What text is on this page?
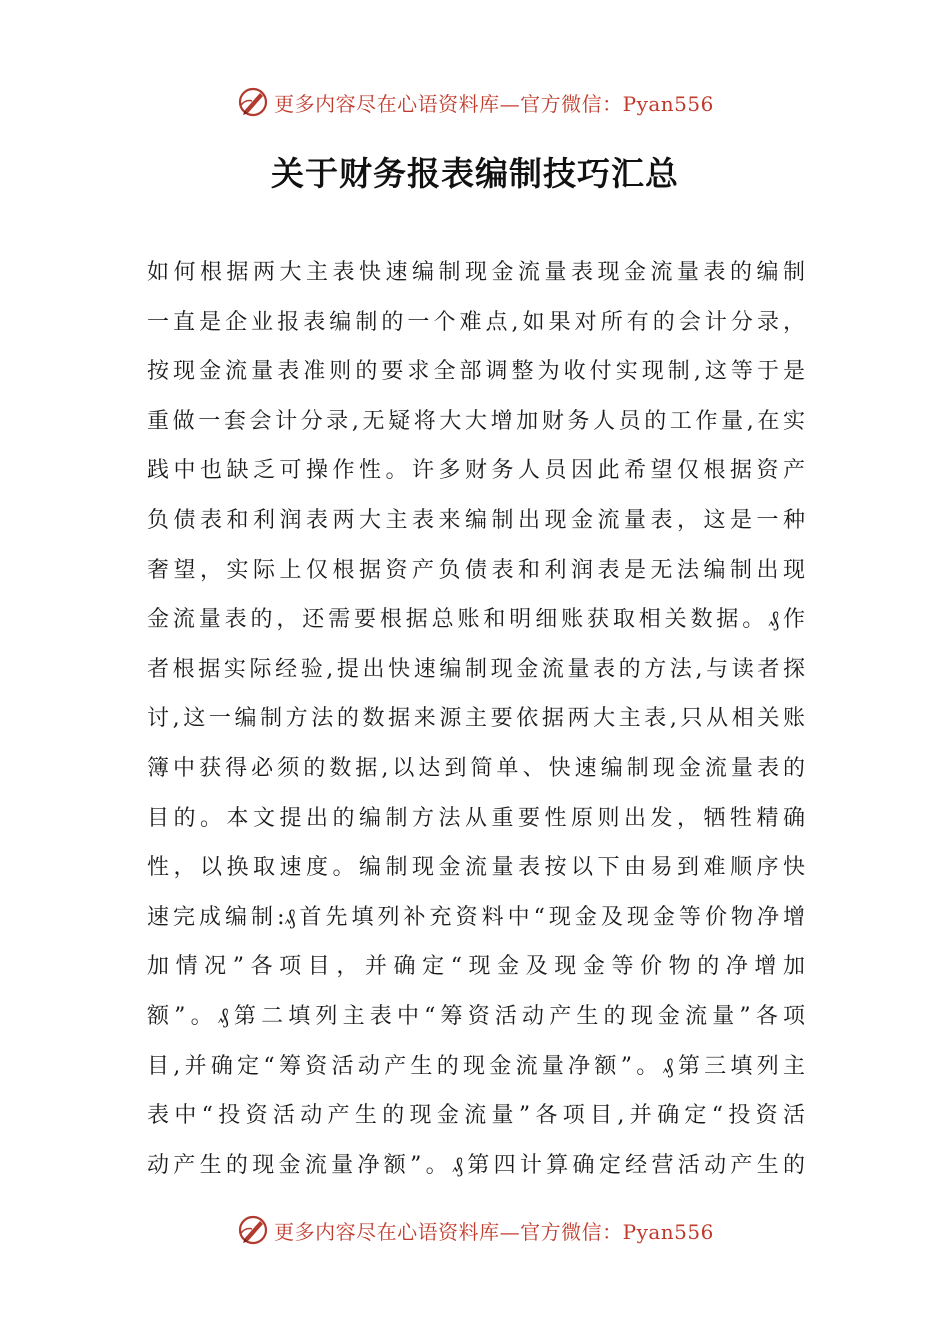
更多内容尽在心语资料库—官方微信：Pyan556
关于财务报表编制技巧汇总
如何根据两大主表快速编制现金流量表现金流量表的编制
一直是企业报表编制的一个难点,如果对所有的会计分录，
按现金流量表准则的要求全部调整为收付实现制,这等于是
重做一套会计分录,无疑将大大增加财务人员的工作量,在实
践中也缺乏可操作性。许多财务人员因此希望仅根据资产
负债表和利润表两大主表来编制出现金流量表，这是一种
奢望，实际上仅根据资产负债表和利润表是无法编制出现
金流量表的，还需要根据总账和明细账获取相关数据。₰作
者根据实际经验,提出快速编制现金流量表的方法,与读者探
讨,这一编制方法的数据来源主要依据两大主表,只从相关账
簿中获得必须的数据,以达到简单、快速编制现金流量表的
目的。本文提出的编制方法从重要性原则出发，牺牲精确
性，以换取速度。编制现金流量表按以下由易到难顺序快
速完成编制:₰首先填列补充资料中“现金及现金等价物净增
加情况”各项目，并确定“现金及现金等价物的净增加
额”。₰第二填列主表中“筹资活动产生的现金流量”各项
目,并确定“筹资活动产生的现金流量净额”。₰第三填列主
表中“投资活动产生的现金流量”各项目,并确定“投资活
动产生的现金流量净额”。₰第四计算确定经营活动产生的
更多内容尽在心语资料库—官方微信：Pyan556
